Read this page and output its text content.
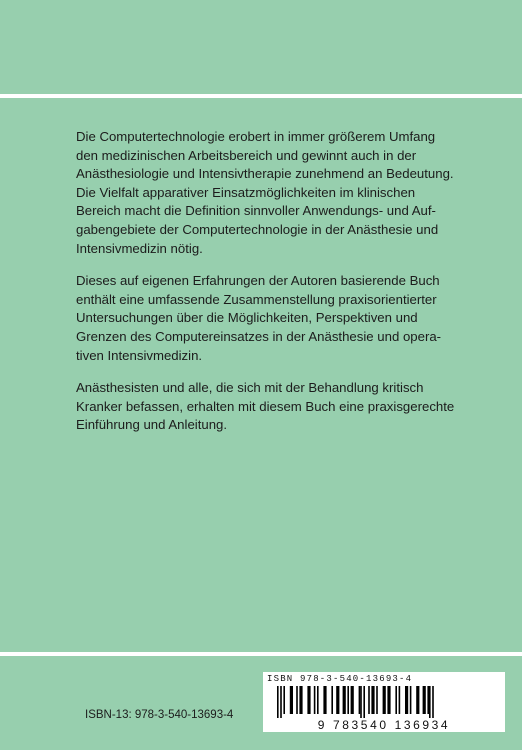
Die Computertechnologie erobert in immer größerem Umfang
den medizinischen Arbeitsbereich und gewinnt auch in der
Anästhesiologie und Intensivtherapie zunehmend an Bedeutung.
Die Vielfalt apparativer Einsatzmöglichkeiten im klinischen
Bereich macht die Definition sinnvoller Anwendungs- und Auf-
gabengebiete der Computertechnologie in der Anästhesie und
Intensivmedizin nötig.

Dieses auf eigenen Erfahrungen der Autoren basierende Buch
enthält eine umfassende Zusammenstellung praxisorientierter
Untersuchungen über die Möglichkeiten, Perspektiven und
Grenzen des Computereinsatzes in der Anästhesie und opera-
tiven Intensivmedizin.

Anästhesisten und alle, die sich mit der Behandlung kritisch
Kranker befassen, erhalten mit diesem Buch eine praxisgerechte
Einführung und Anleitung.

ISBN 978-3-540-13693-4
9 783540 136934
ISBN-13: 978-3-540-13693-4
